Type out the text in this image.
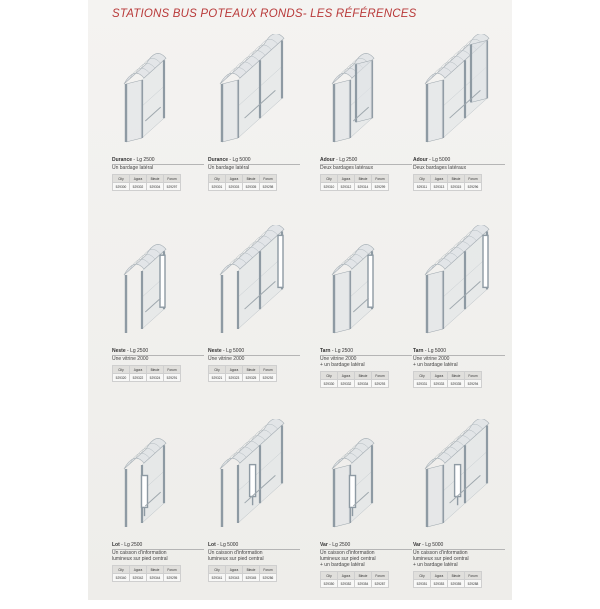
STATIONS BUS POTEAUX RONDS- LES RÉFÉRENCES
Durance - Lg 2500
Un bardage latéral
City	Agora	Bleuie	Forum
529300	529302	529304	529297
Durance - Lg 5000
Un bardage latéral
City	Agora	Bleuie	Forum
529301	529303	529305	529298
Adour - Lg 2500
Deux bardages latéraux
City	Agora	Bleuie	Forum
529310	529312	529314	529299
Adour - Lg 5000
Deux bardages latéraux
City	Agora	Bleuie	Forum
529311	529313	529315	529296
Neste - Lg 2500
Une vitrine 2000
City	Agora	Bleuie	Forum
529320	529322	529324	529291
Neste - Lg 5000
Une vitrine 2000
City	Agora	Bleuie	Forum
529321	529323	529325	529292
Tarn - Lg 2500
Une vitrine 2000
+ un bardage latéral
City	Agora	Bleuie	Forum
529330	529332	529334	529293
Tarn - Lg 5000
Une vitrine 2000
+ un bardage latéral
City	Agora	Bleuie	Forum
529331	529333	529335	529294
Lot - Lg 2500
Un caisson d'information
lumineux sur pied central
City	Agora	Bleuie	Forum
529340	529342	529344	529295
Lot - Lg 5000
Un caisson d'information
lumineux sur pied central
City	Agora	Bleuie	Forum
529341	529343	529345	529286
Var - Lg 2500
Un caisson d'information
lumineux sur pied central
+ un bardage latéral
City	Agora	Bleuie	Forum
529350	529352	529354	529287
Var - Lg 5000
Un caisson d'information
lumineux sur pied central
+ un bardage latéral
City	Agora	Bleuie	Forum
529351	529353	529355	529288
